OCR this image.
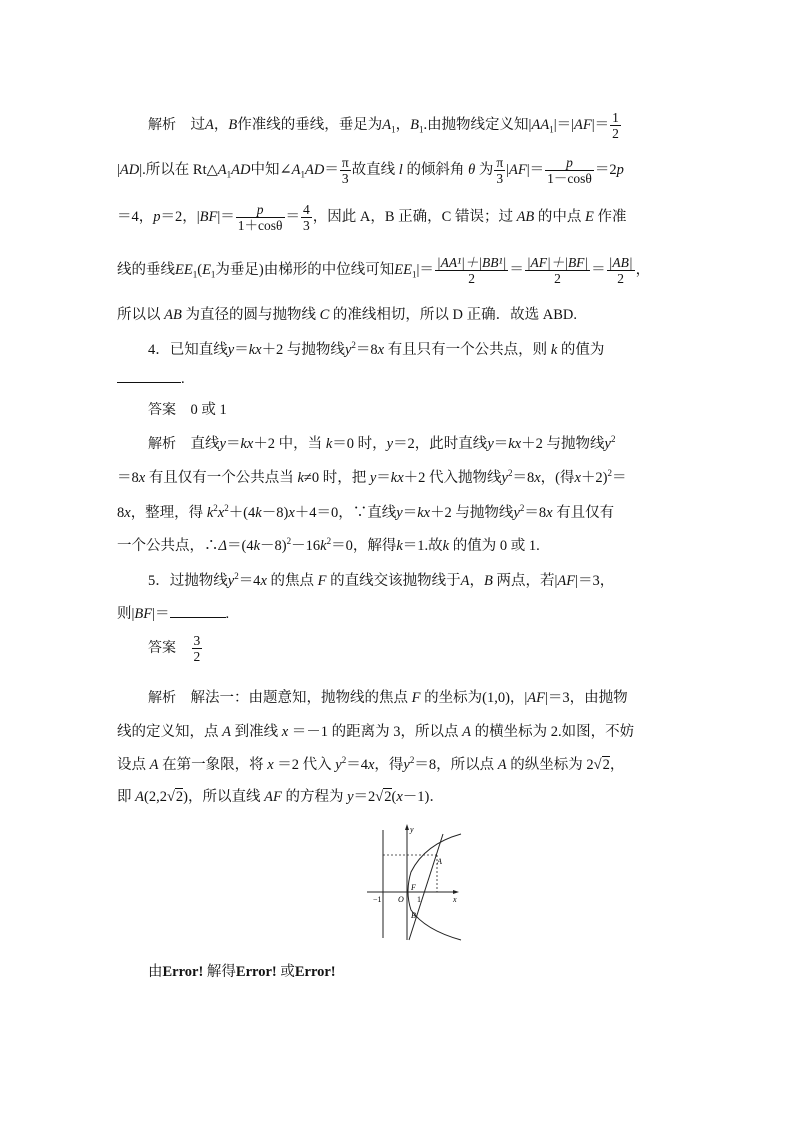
解析 过A，B作准线的垂线，垂足为$A_1$，$B_1$.由抛物线定义知$|AA_1|=|AF|= \frac{1}{2}$
|AD|.所以在 $Rt\triangle A_1AD$中知$\angle A_1AD= \frac{\pi}{3}$ 故直线 l 的倾斜角 θ 为 $\frac{\pi}{3} |AF|= \frac{p}{1-\cos\theta} =2p$
＝4，p＝2，$|BF|= \frac{p}{1+\cos\theta} = \frac{4}{3}$ ，因此 A，B 正确，C 错误；过 AB 的中点 E 作准
线的垂线$EE_1(E_1$为垂足)由梯形的中位线可知$EE_1|= \frac{\text{|AA¹|＋|BB¹|}}{2} = \frac{|AF|+|BF|}{2} = \frac{|AB|}{2}$ ，
所以以 AB 为直径的圆与抛物线 C 的准线相切，所以 D 正确．故选 ABD.
4．已知直线y＝kx＋2 与抛物线$y^2=8x$ 有且只有一个公共点，则 k 的值为
.
答案 0 或 1
解析 直线y＝kx＋2 中，当 k＝0 时，y＝2，此时直线y＝kx＋2 与抛物线$y^2$
＝8x 有且仅有一个公共点当 k≠0 时，把 y＝kx＋2 代入抛物线$y^2=8x$，(得x＋2)$^2$＝
8x，整理，得 $k^2x^2+(4k-8)x+4=0$，∵直线y＝kx＋2 与抛物线$y^2=8x$ 有且仅有
一个公共点，$\therefore\Delta=(4k-8)^2-16k^2=0$，解得k＝1.故k 的值为 0 或 1.
5．过抛物线$y^2=4x$ 的焦点 F 的直线交该抛物线于A，B 两点，若|AF|＝3，
则|BF|＝	.
答案 $\frac{3}{2}$
解析 解法一：由题意知，抛物线的焦点 F 的坐标为(1,0)，|AF|＝3，由抛物
线的定义知，点 A 到准线 x ＝－1 的距离为 3，所以点 A 的横坐标为 2.如图，不妨
设点 A 在第一象限，将 x ＝2 代入 $y^2=4x$，得$y^2=8$，所以点 A 的纵坐标为 2√2，
即 A(2,2√2)，所以直线 AF 的方程为 y＝2√2(x－1)．
y
x
A
F
O
B
−1	1
由Error! 解得Error! 或Error!
